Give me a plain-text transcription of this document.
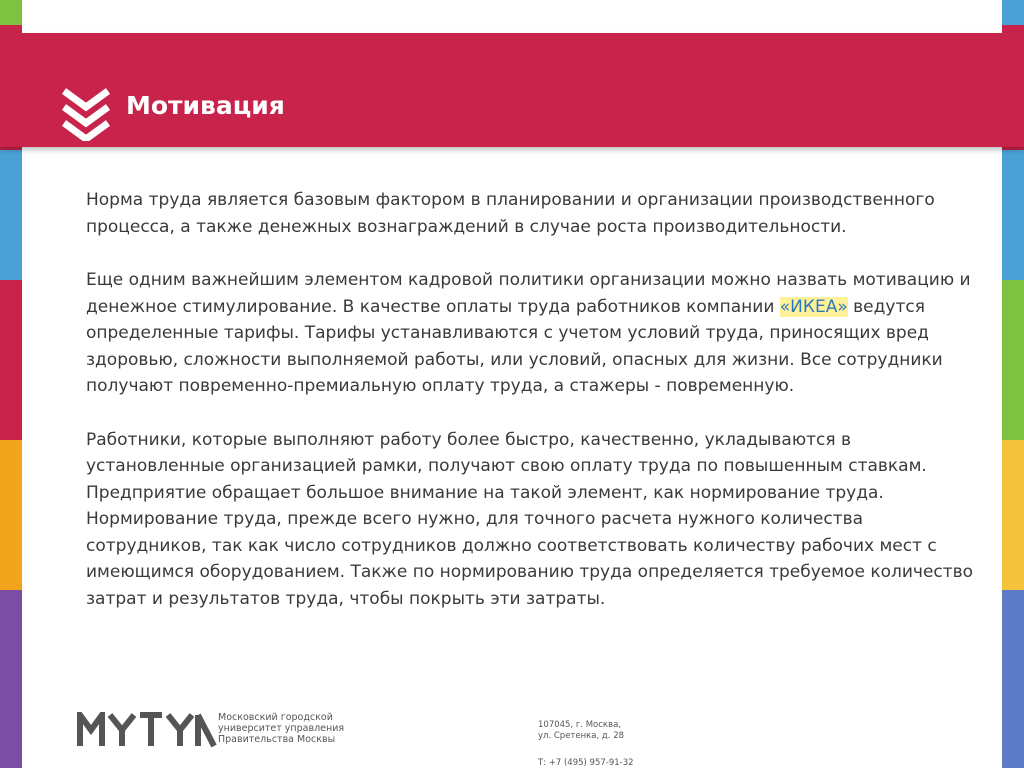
Мотивация

Норма труда является базовым фактором в планировании и организации производственного процесса, а также денежных вознаграждений в случае роста производительности.

Еще одним важнейшим элементом кадровой политики организации можно назвать мотивацию и денежное стимулирование. В качестве оплаты труда работников компании «ИКЕА» ведутся определенные тарифы. Тарифы устанавливаются с учетом условий труда, приносящих вред здоровью, сложности выполняемой работы, или условий, опасных для жизни. Все сотрудники получают повременно-премиальную оплату труда, а стажеры - повременную.

Работники, которые выполняют работу более быстро, качественно, укладываются в установленные организацией рамки, получают свою оплату труда по повышенным ставкам. Предприятие обращает большое внимание на такой элемент, как нормирование труда. Нормирование труда, прежде всего нужно, для точного расчета нужного количества сотрудников, так как число сотрудников должно соответствовать количеству рабочих мест с имеющимся оборудованием. Также по нормированию труда определяется требуемое количество затрат и результатов труда, чтобы покрыть эти затраты.

Московский городской
университет управления
Правительства Москвы
107045, г. Москва,
ул. Сретенка, д. 28
Т: +7 (495) 957-91-32
